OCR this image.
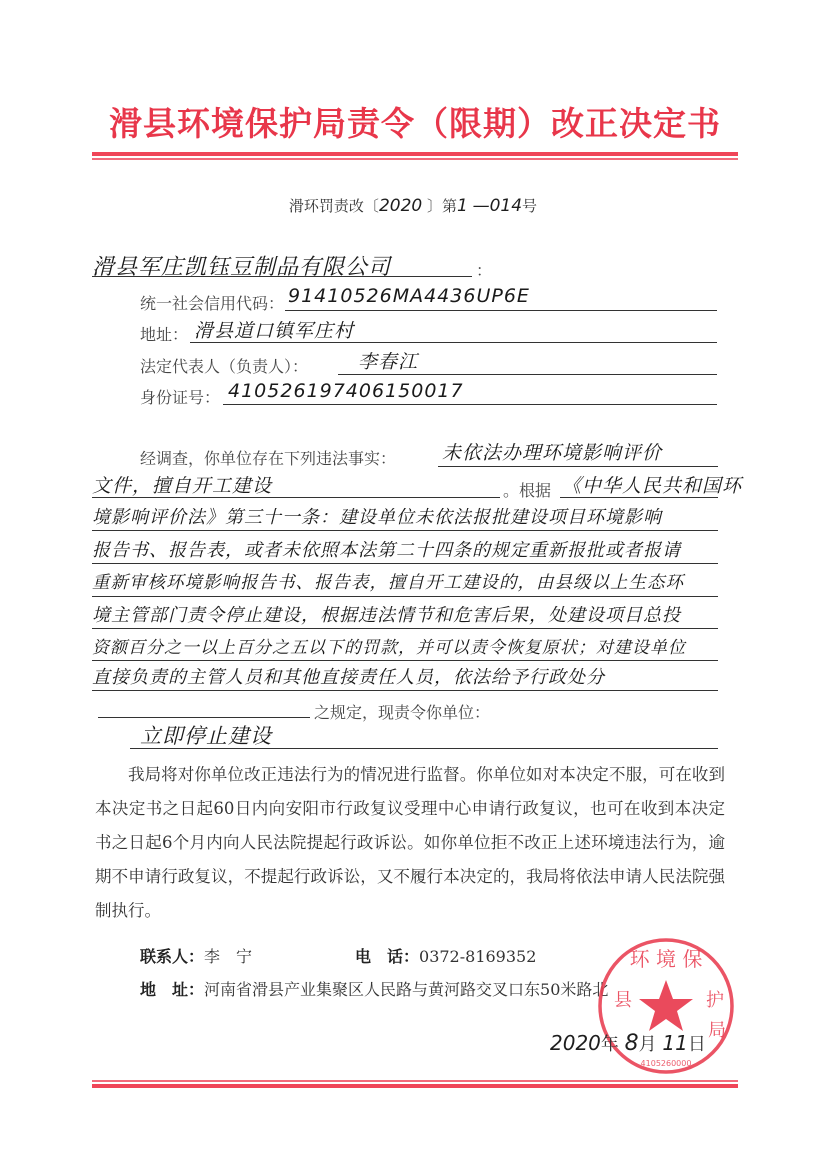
滑县环境保护局责令（限期）改正决定书
滑环罚责改〔2020 〕第1 —014号
滑县军庄凯钰豆制品有限公司	：
统一社会信用代码： 91410526MA4436UP6E
地址： 滑县道口镇军庄村
法定代表人（负责人）：	李春江
身份证号： 410526197406150017
经调查，你单位存在下列违法事实： 未依法办理环境影响评价
文件，擅自开工建设	。根据 《中华人民共和国环
境影响评价法》第三十一条：建设单位未依法报批建设项目环境影响
报告书、报告表，或者未依照本法第二十四条的规定重新报批或者报请
重新审核环境影响报告书、报告表，擅自开工建设的，由县级以上生态环
境主管部门责令停止建设，根据违法情节和危害后果，处建设项目总投
资额百分之一以上百分之五以下的罚款，并可以责令恢复原状；对建设单位
直接负责的主管人员和其他直接责任人员，依法给予行政处分
之规定，现责令你单位：
立即停止建设
我局将对你单位改正违法行为的情况进行监督。你单位如对本决定不服，可在收到本决定书之日起60日内向安阳市行政复议受理中心申请行政复议，也可在收到本决定书之日起6个月内向人民法院提起行政诉讼。如你单位拒不改正上述环境违法行为，逾期不申请行政复议，不提起行政诉讼，又不履行本决定的，我局将依法申请人民法院强制执行。
联系人：李　宁	电　话：0372-8169352
地　址：河南省滑县产业集聚区人民路与黄河路交叉口东50米路北
环 境 保
县	护
局
4105260000
2020年 8月 11日
